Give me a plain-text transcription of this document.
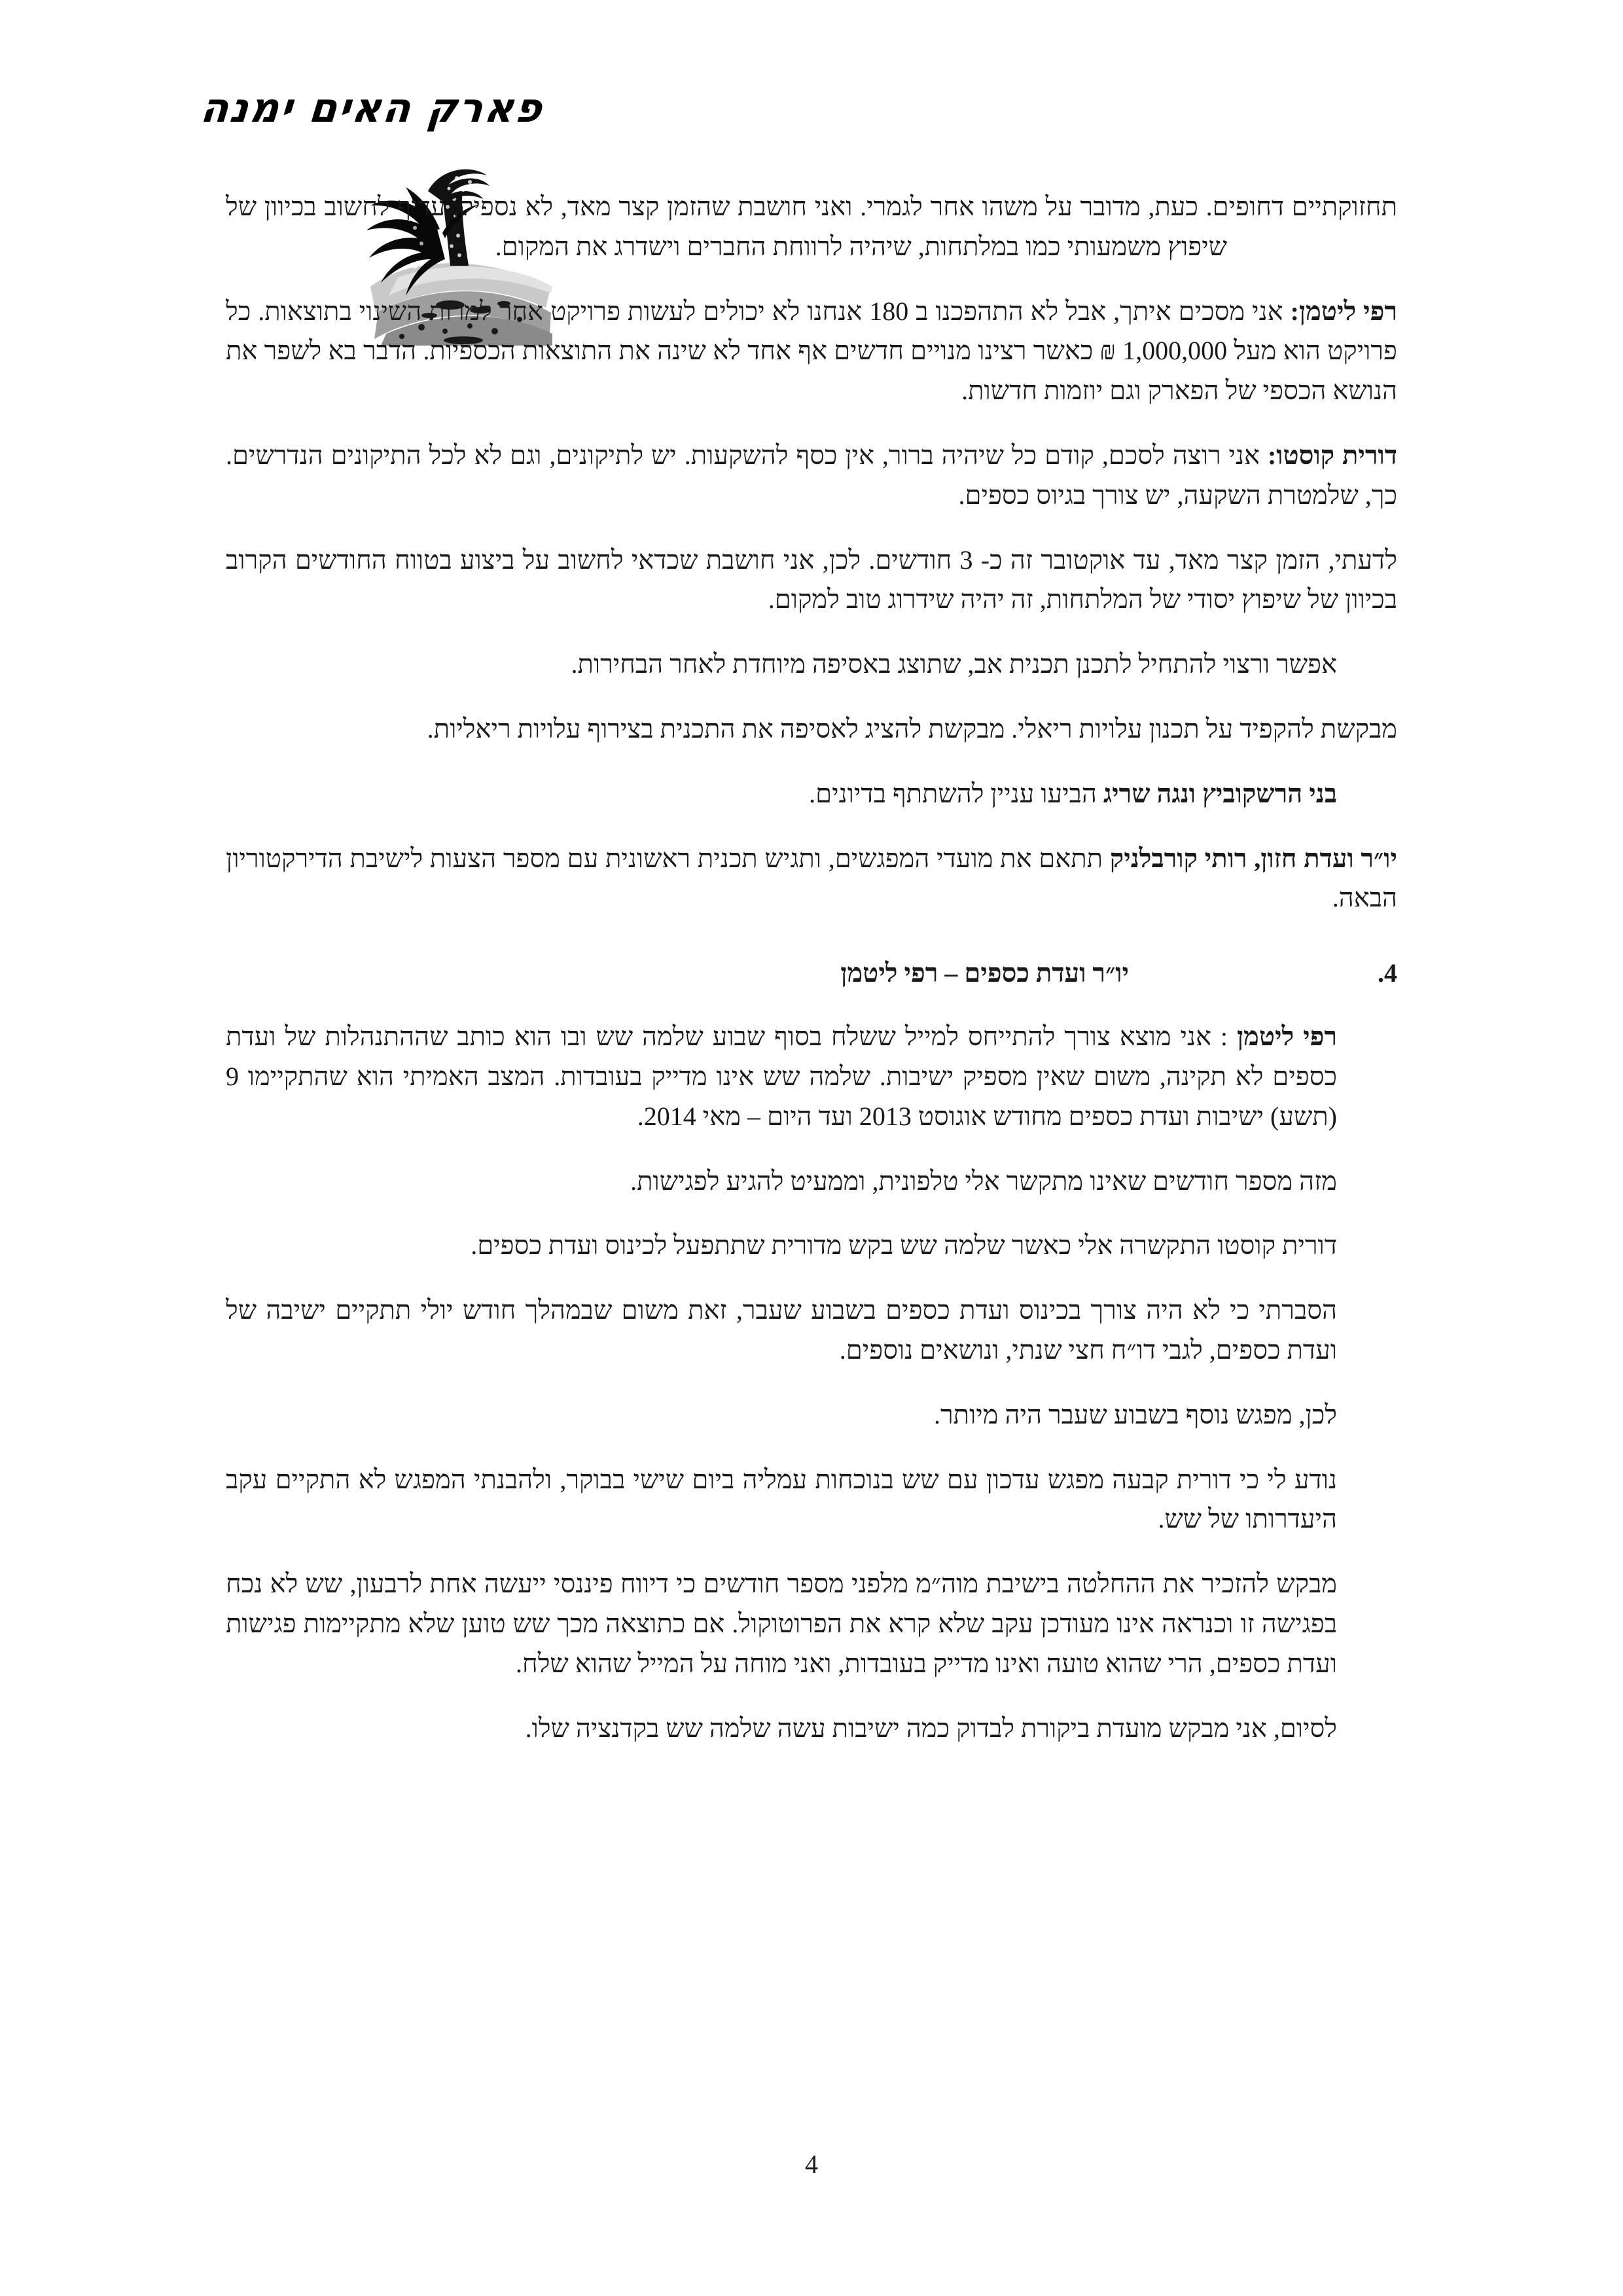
פארק האים ימנה

תחזוקתיים דחופים. כעת, מדובר על משהו אחר לגמרי. ואני חושבת שהזמן קצר מאד, לא נספיק, עדיף לחשוב בכיוון של שיפוץ משמעותי כמו במלתחות, שיהיה לרווחת החברים וישדרג את המקום.

רפי ליטמן: אני מסכים איתך, אבל לא התהפכנו ב 180 אנחנו לא יכולים לעשות פרויקט אחר למרות השינוי בתוצאות. כל פרויקט הוא מעל 1,000,000 ₪ כאשר רצינו מנויים חדשים אף אחד לא שינה את התוצאות הכספיות. הדבר בא לשפר את הנושא הכספי של הפארק וגם יוזמות חדשות.

דורית קוסטו: אני רוצה לסכם, קודם כל שיהיה ברור, אין כסף להשקעות. יש לתיקונים, וגם לא לכל התיקונים הנדרשים. כך, שלמטרת השקעה, יש צורך בגיוס כספים.

לדעתי, הזמן קצר מאד, עד אוקטובר זה כ- 3 חודשים. לכן, אני חושבת שכדאי לחשוב על ביצוע בטווח החודשים הקרוב בכיוון של שיפוץ יסודי של המלתחות, זה יהיה שידרוג טוב למקום.

אפשר ורצוי להתחיל לתכנן תכנית אב, שתוצג באסיפה מיוחדת לאחר הבחירות.

מבקשת להקפיד על תכנון עלויות ריאלי. מבקשת להציג לאסיפה את התכנית בצירוף עלויות ריאליות.

בני הרשקוביץ ונגה שריג הביעו עניין להשתתף בדיונים.

יו״ר ועדת חזון, רותי קורבלניק תתאם את מועדי המפגשים, ותגיש תכנית ראשונית עם מספר הצעות לישיבת הדירקטוריון הבאה.

4.
יו״ר ועדת כספים – רפי ליטמן

רפי ליטמן : אני מוצא צורך להתייחס למייל ששלח בסוף שבוע שלמה שש ובו הוא כותב שההתנהלות של ועדת כספים לא תקינה, משום שאין מספיק ישיבות. שלמה שש אינו מדייק בעובדות. המצב האמיתי הוא שהתקיימו 9 (תשע) ישיבות ועדת כספים מחודש אוגוסט 2013 ועד היום – מאי 2014.

מזה מספר חודשים שאינו מתקשר אלי טלפונית, וממעיט להגיע לפגישות.

דורית קוסטו התקשרה אלי כאשר שלמה שש בקש מדורית שתתפעל לכינוס ועדת כספים.

הסברתי כי לא היה צורך בכינוס ועדת כספים בשבוע שעבר, זאת משום שבמהלך חודש יולי תתקיים ישיבה של ועדת כספים, לגבי דו״ח חצי שנתי, ונושאים נוספים.

לכן, מפגש נוסף בשבוע שעבר היה מיותר.

נודע לי כי דורית קבעה מפגש עדכון עם שש בנוכחות עמליה ביום שישי בבוקר, ולהבנתי המפגש לא התקיים עקב היעדרותו של שש.

מבקש להזכיר את ההחלטה בישיבת מוה״מ מלפני מספר חודשים כי דיווח פיננסי ייעשה אחת לרבעון, שש לא נכח בפגישה זו וכנראה אינו מעודכן עקב שלא קרא את הפרוטוקול. אם כתוצאה מכך שש טוען שלא מתקיימות פגישות ועדת כספים, הרי שהוא טועה ואינו מדייק בעובדות, ואני מוחה על המייל שהוא שלח.

לסיום, אני מבקש מועדת ביקורת לבדוק כמה ישיבות עשה שלמה שש בקדנציה שלו.

4
